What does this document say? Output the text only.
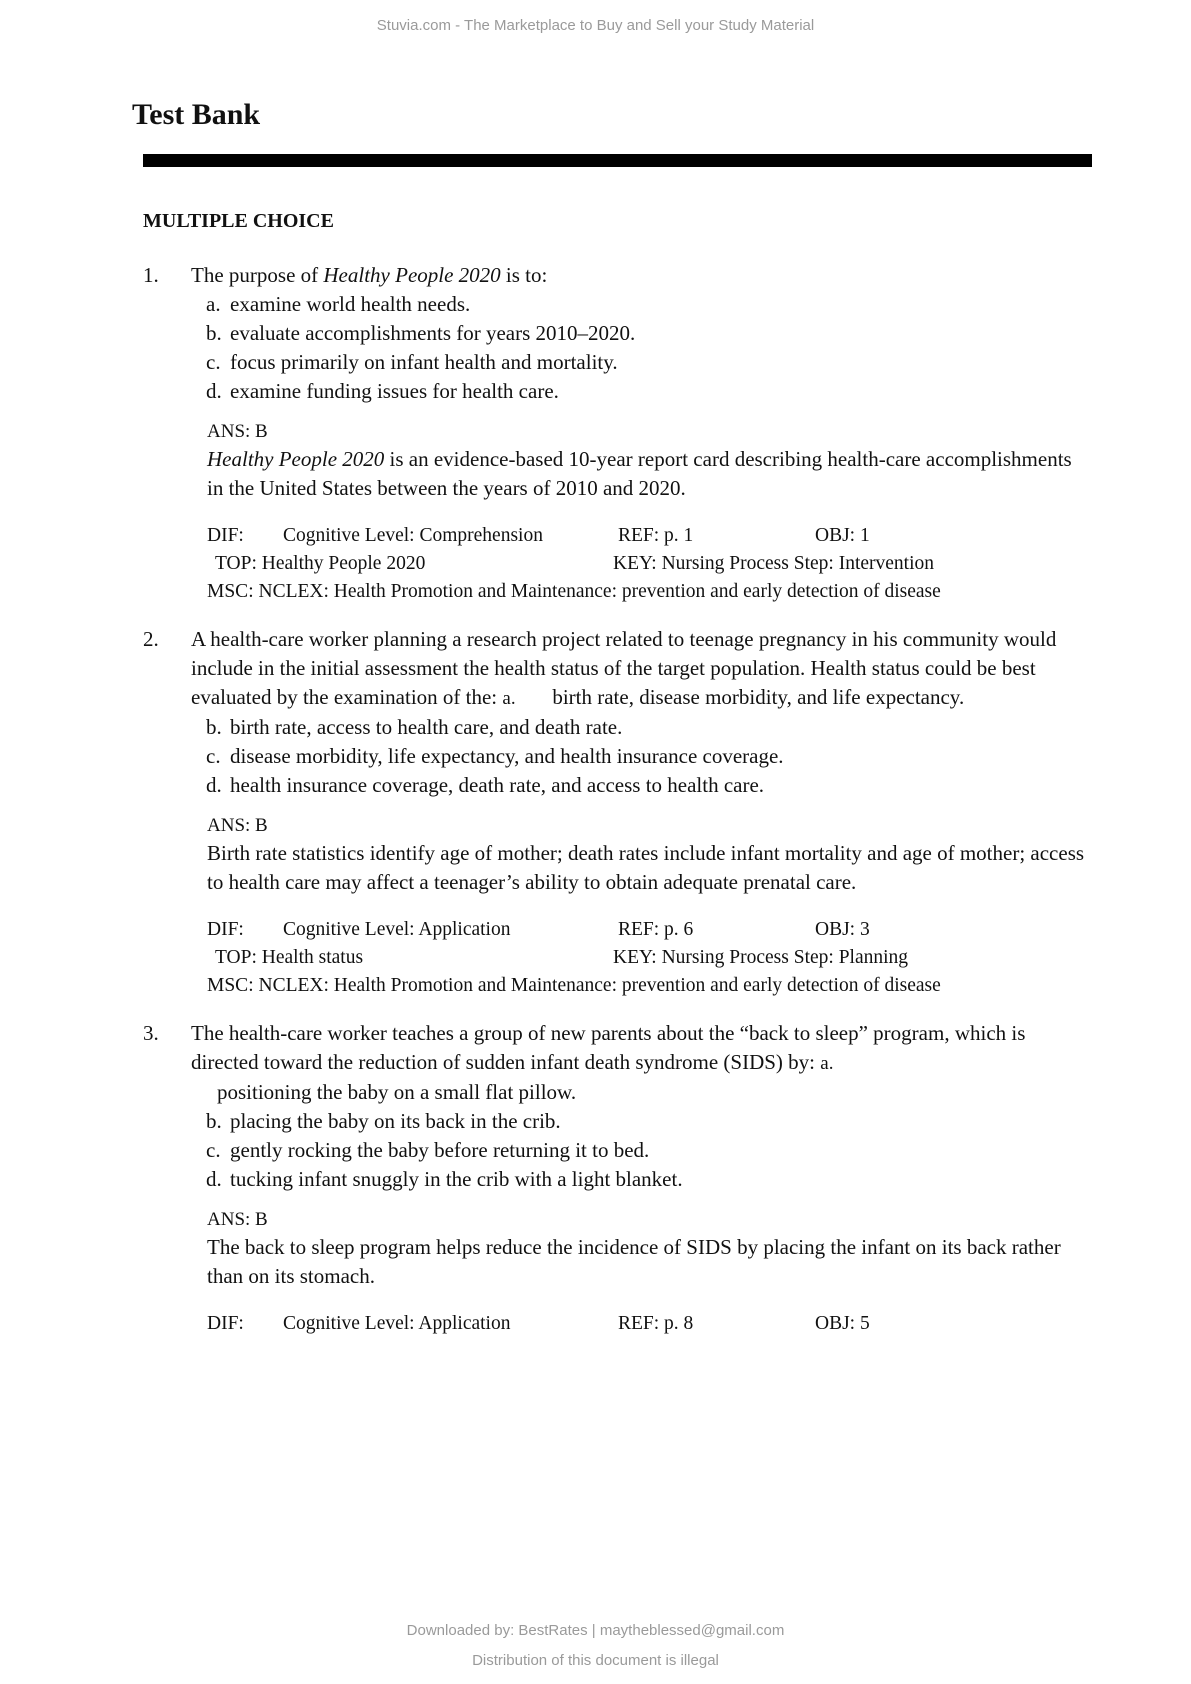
Stuvia.com - The Marketplace to Buy and Sell your Study Material
Test Bank
MULTIPLE CHOICE
1.	The purpose of Healthy People 2020 is to:
a. examine world health needs.
b. evaluate accomplishments for years 2010–2020.
c. focus primarily on infant health and mortality.
d. examine funding issues for health care.
ANS: B
Healthy People 2020 is an evidence-based 10-year report card describing health-care accomplishments in the United States between the years of 2010 and 2020.
DIF:	Cognitive Level: Comprehension	REF: p. 1	OBJ: 1
TOP: Healthy People 2020	KEY: Nursing Process Step: Intervention
MSC: NCLEX: Health Promotion and Maintenance: prevention and early detection of disease
2.	A health-care worker planning a research project related to teenage pregnancy in his community would include in the initial assessment the health status of the target population. Health status could be best evaluated by the examination of the: a. birth rate, disease morbidity, and life expectancy.
b. birth rate, access to health care, and death rate.
c. disease morbidity, life expectancy, and health insurance coverage.
d. health insurance coverage, death rate, and access to health care.
ANS: B
Birth rate statistics identify age of mother; death rates include infant mortality and age of mother; access to health care may affect a teenager’s ability to obtain adequate prenatal care.
DIF:	Cognitive Level: Application	REF: p. 6	OBJ: 3
TOP: Health status	KEY: Nursing Process Step: Planning
MSC: NCLEX: Health Promotion and Maintenance: prevention and early detection of disease
3.	The health-care worker teaches a group of new parents about the “back to sleep” program, which is directed toward the reduction of sudden infant death syndrome (SIDS) by: a.
positioning the baby on a small flat pillow.
b. placing the baby on its back in the crib.
c. gently rocking the baby before returning it to bed.
d. tucking infant snuggly in the crib with a light blanket.
ANS: B
The back to sleep program helps reduce the incidence of SIDS by placing the infant on its back rather than on its stomach.
DIF:	Cognitive Level: Application	REF: p. 8	OBJ: 5
Downloaded by: BestRates | maytheblessed@gmail.com
Distribution of this document is illegal
